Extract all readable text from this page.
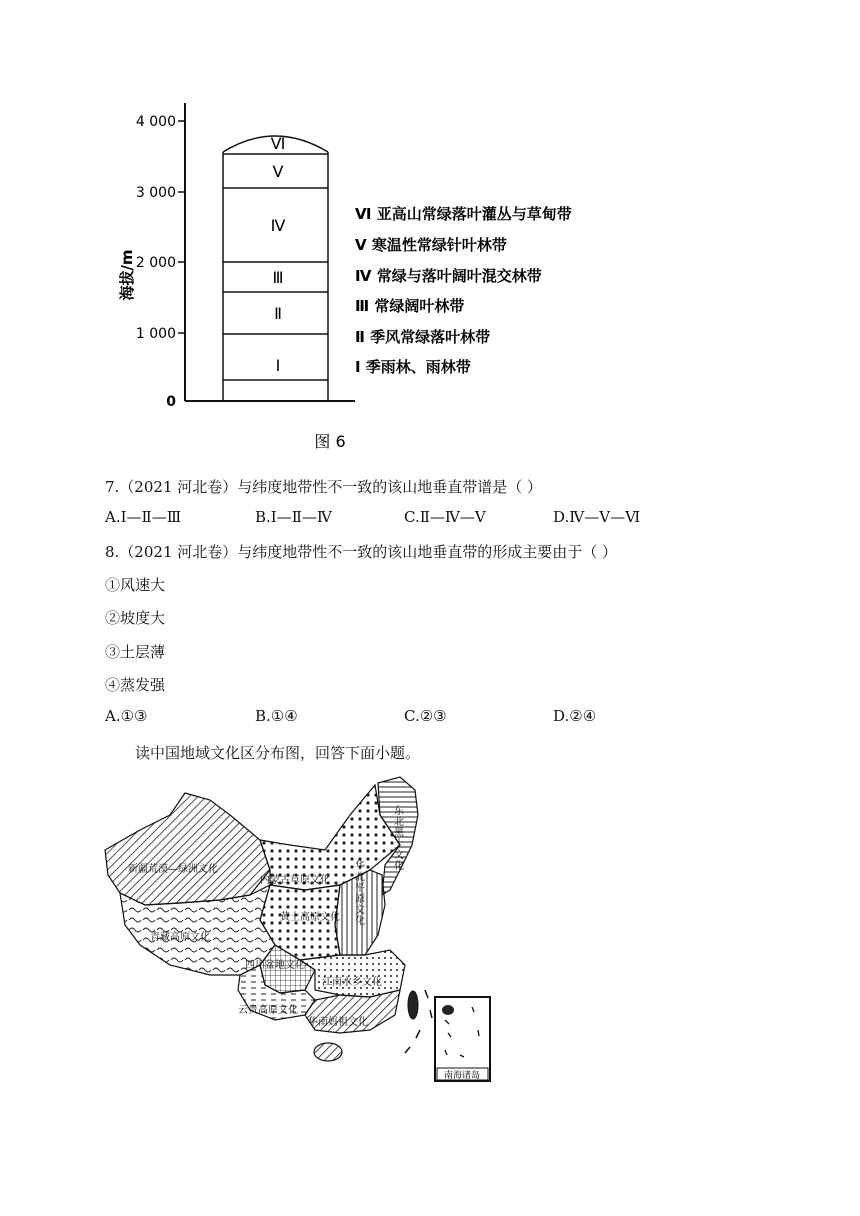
4 000
3 000
2 000
1 000
0
海拔/m
Ⅵ
Ⅴ
Ⅳ
Ⅲ
Ⅱ
Ⅰ
Ⅵ 亚高山常绿落叶灌丛与草甸带
Ⅴ 寒温性常绿针叶林带
Ⅳ 常绿与落叶阔叶混交林带
Ⅲ 常绿阔叶林带
Ⅱ 季风常绿落叶林带
Ⅰ 季雨林、雨林带
图 6
7.（2021 河北卷）与纬度地带性不一致的该山地垂直带谱是（ ）
A.Ⅰ—Ⅱ—Ⅲ	B.Ⅰ—Ⅱ—Ⅳ	C.Ⅱ—Ⅳ—Ⅴ	D.Ⅳ—Ⅴ—Ⅵ
8.（2021 河北卷）与纬度地带性不一致的该山地垂直带的形成主要由于（ ）
①风速大
②坡度大
③土层薄
④蒸发强
A.①③	B.①④	C.②③	D.②④
读中国地域文化区分布图，回答下面小题。
新疆荒漠—绿洲文化
内蒙古草原文化
黄土高原文化
青藏高原文化
四川盆地文化
江南水乡文化
云贵高原文化
华南妈祖文化
东北黑土文化
华北平原文化
南海诸岛
